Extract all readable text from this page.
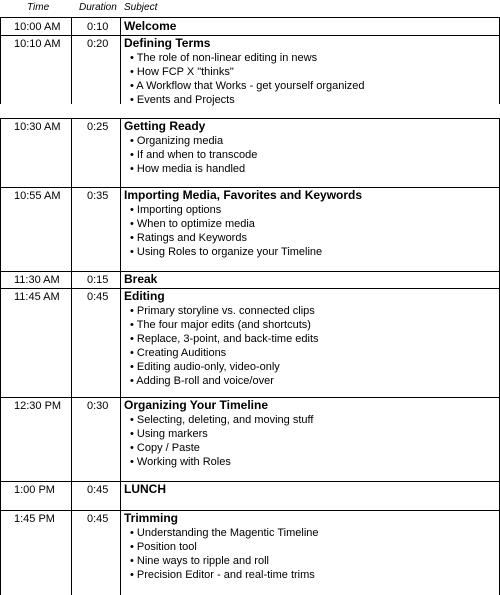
Time	Duration Subject
10:00 AM 0:10 Welcome
10:10 AM 0:20 Defining Terms
• The role of non-linear editing in news
• How FCP X "thinks"
• A Workflow that Works - get yourself organized
• Events and Projects
10:30 AM 0:25 Getting Ready
• Organizing media
• If and when to transcode
• How media is handled
10:55 AM 0:35 Importing Media, Favorites and Keywords
• Importing options
• When to optimize media
• Ratings and Keywords
• Using Roles to organize your Timeline
11:30 AM 0:15 Break
11:45 AM 0:45 Editing
• Primary storyline vs. connected clips
• The four major edits (and shortcuts)
• Replace, 3-point, and back-time edits
• Creating Auditions
• Editing audio-only, video-only
• Adding B-roll and voice/over
12:30 PM 0:30 Organizing Your Timeline
• Selecting, deleting, and moving stuff
• Using markers
• Copy / Paste
• Working with Roles
1:00 PM	0:45 LUNCH
1:45 PM	0:45 Trimming
• Understanding the Magentic Timeline
• Position tool
• Nine ways to ripple and roll
• Precision Editor - and real-time trims
